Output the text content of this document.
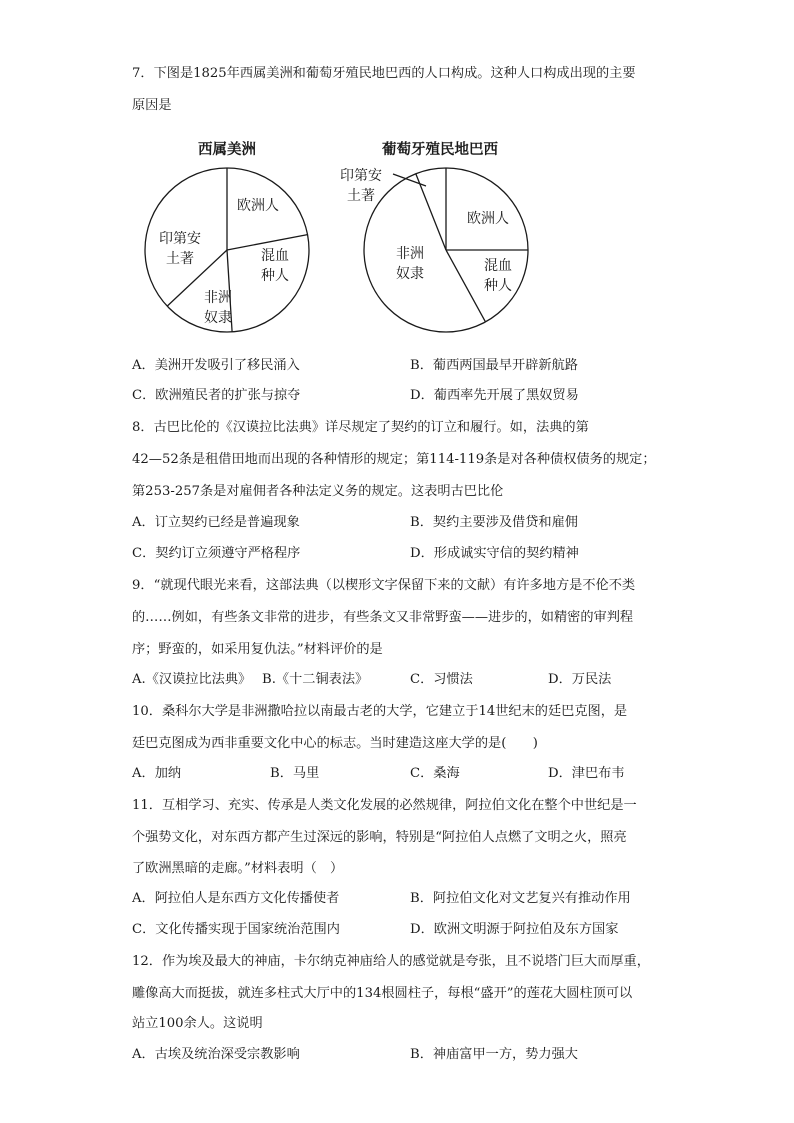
7．下图是1825年西属美洲和葡萄牙殖民地巴西的人口构成。这种人口构成出现的主要
原因是
西属美洲	葡萄牙殖民地巴西
欧洲人
混血
种人
非洲
奴隶
印第安
土著
欧洲人
混血
种人
非洲
奴隶
印第安
土著
A．美洲开发吸引了移民涌入	B．葡西两国最早开辟新航路
C．欧洲殖民者的扩张与掠夺	D．葡西率先开展了黑奴贸易
8．古巴比伦的《汉谟拉比法典》详尽规定了契约的订立和履行。如，法典的第
42—52条是租借田地而出现的各种情形的规定；第114-119条是对各种债权债务的规定；
第253-257条是对雇佣者各种法定义务的规定。这表明古巴比伦
A．订立契约已经是普遍现象	B．契约主要涉及借贷和雇佣
C．契约订立须遵守严格程序	D．形成诚实守信的契约精神
9．“就现代眼光来看，这部法典（以楔形文字保留下来的文献）有许多地方是不伦不类
的……例如，有些条文非常的进步，有些条文又非常野蛮——进步的，如精密的审判程
序；野蛮的，如采用复仇法。”材料评价的是
A.《汉谟拉比法典》 B.《十二铜表法》	C．习惯法	D．万民法
10．桑科尔大学是非洲撒哈拉以南最古老的大学，它建立于14世纪末的廷巴克图，是
廷巴克图成为西非重要文化中心的标志。当时建造这座大学的是(　　)
A．加纳	B．马里	C．桑海	D．津巴布韦
11．互相学习、充实、传承是人类文化发展的必然规律，阿拉伯文化在整个中世纪是一
个强势文化，对东西方都产生过深远的影响，特别是“阿拉伯人点燃了文明之火，照亮
了欧洲黑暗的走廊。”材料表明（　）
A．阿拉伯人是东西方文化传播使者	B．阿拉伯文化对文艺复兴有推动作用
C．文化传播实现于国家统治范围内	D．欧洲文明源于阿拉伯及东方国家
12．作为埃及最大的神庙，卡尔纳克神庙给人的感觉就是夸张，且不说塔门巨大而厚重，
雕像高大而挺拔，就连多柱式大厅中的134根圆柱子，每根“盛开”的莲花大圆柱顶可以
站立100余人。这说明
A．古埃及统治深受宗教影响	B．神庙富甲一方，势力强大
